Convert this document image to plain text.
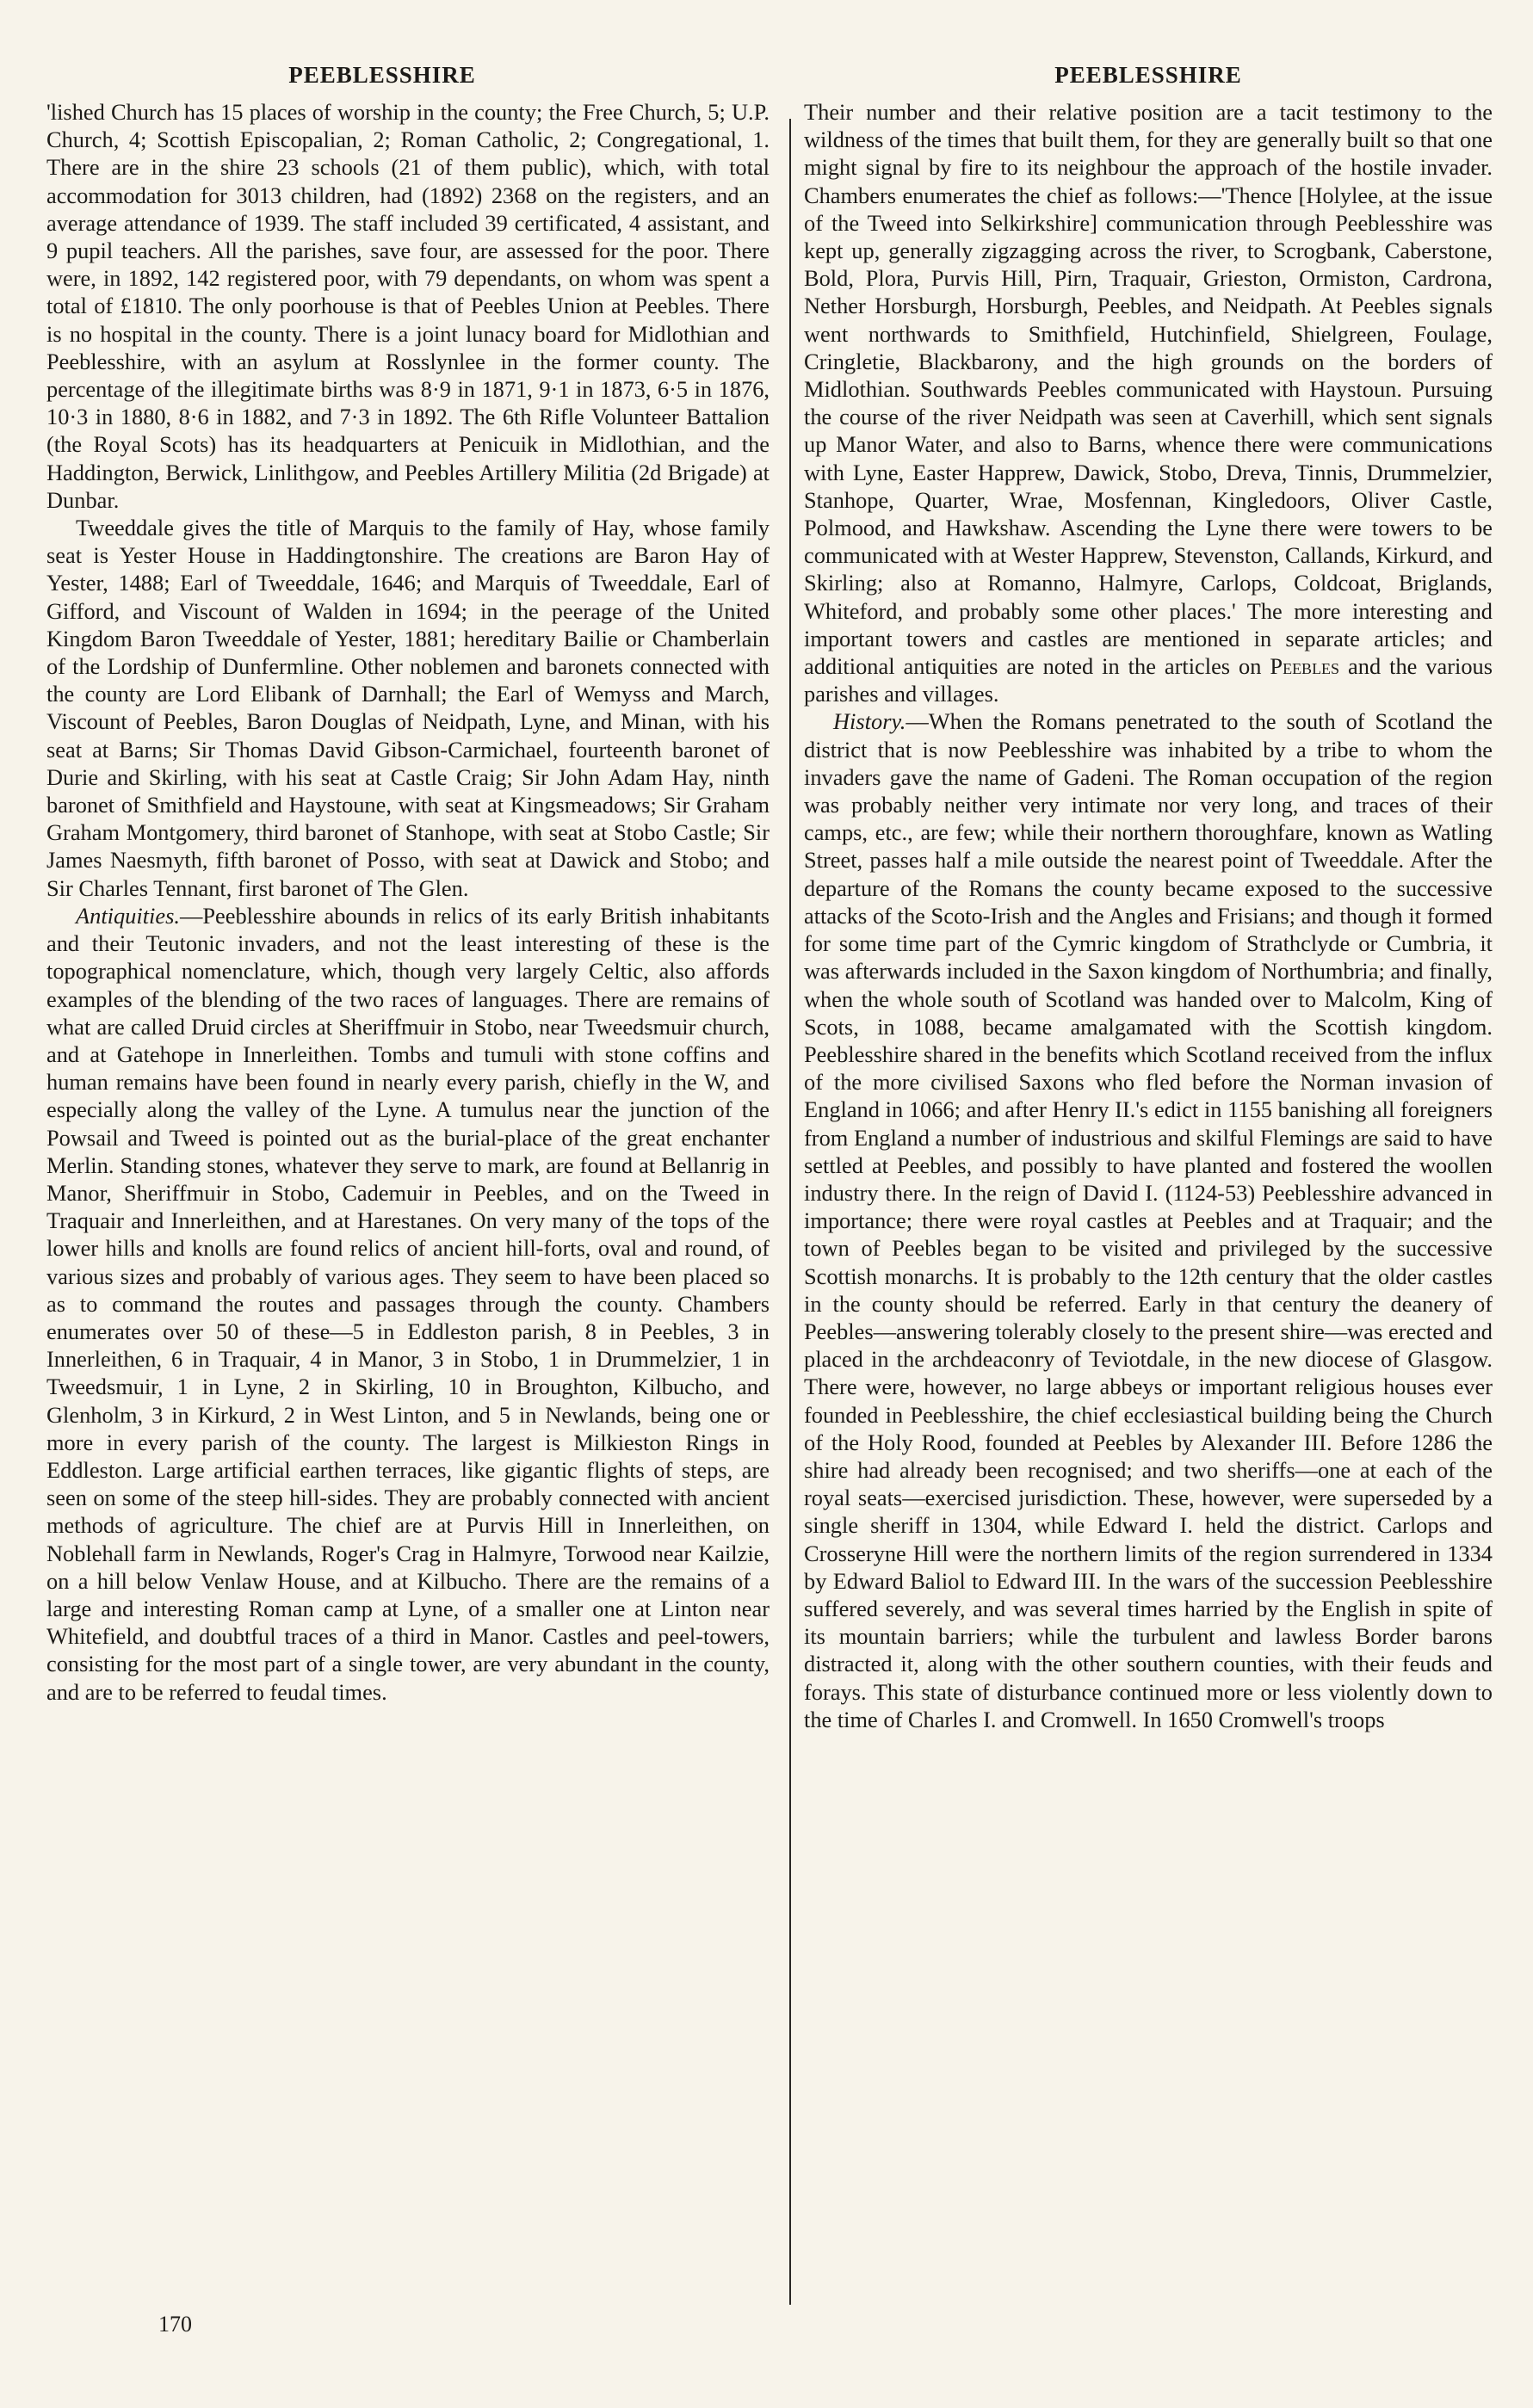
PEEBLESSHIRE

'lished Church has 15 places of worship in the county; the Free Church, 5; U.P. Church, 4; Scottish Episcopalian, 2; Roman Catholic, 2; Congregational, 1. There are in the shire 23 schools (21 of them public), which, with total accommodation for 3013 children, had (1892) 2368 on the registers, and an average attendance of 1939. The staff included 39 certificated, 4 assistant, and 9 pupil teachers. All the parishes, save four, are assessed for the poor. There were, in 1892, 142 registered poor, with 79 dependants, on whom was spent a total of £1810. The only poorhouse is that of Peebles Union at Peebles. There is no hospital in the county. There is a joint lunacy board for Midlothian and Peeblesshire, with an asylum at Rosslynlee in the former county. The percentage of the illegitimate births was 8·9 in 1871, 9·1 in 1873, 6·5 in 1876, 10·3 in 1880, 8·6 in 1882, and 7·3 in 1892. The 6th Rifle Volunteer Battalion (the Royal Scots) has its headquarters at Penicuik in Midlothian, and the Haddington, Berwick, Linlithgow, and Peebles Artillery Militia (2d Brigade) at Dunbar.

Tweeddale gives the title of Marquis to the family of Hay, whose family seat is Yester House in Haddingtonshire. The creations are Baron Hay of Yester, 1488; Earl of Tweeddale, 1646; and Marquis of Tweeddale, Earl of Gifford, and Viscount of Walden in 1694; in the peerage of the United Kingdom Baron Tweeddale of Yester, 1881; hereditary Bailie or Chamberlain of the Lordship of Dunfermline. Other noblemen and baronets connected with the county are Lord Elibank of Darnhall; the Earl of Wemyss and March, Viscount of Peebles, Baron Douglas of Neidpath, Lyne, and Minan, with his seat at Barns; Sir Thomas David Gibson-Carmichael, fourteenth baronet of Durie and Skirling, with his seat at Castle Craig; Sir John Adam Hay, ninth baronet of Smithfield and Haystoune, with seat at Kingsmeadows; Sir Graham Graham Montgomery, third baronet of Stanhope, with seat at Stobo Castle; Sir James Naesmyth, fifth baronet of Posso, with seat at Dawick and Stobo; and Sir Charles Tennant, first baronet of The Glen.

Antiquities.—Peeblesshire abounds in relics of its early British inhabitants and their Teutonic invaders, and not the least interesting of these is the topographical nomenclature, which, though very largely Celtic, also affords examples of the blending of the two races of languages. There are remains of what are called Druid circles at Sheriffmuir in Stobo, near Tweedsmuir church, and at Gatehope in Innerleithen. Tombs and tumuli with stone coffins and human remains have been found in nearly every parish, chiefly in the W, and especially along the valley of the Lyne. A tumulus near the junction of the Powsail and Tweed is pointed out as the burial-place of the great enchanter Merlin. Standing stones, whatever they serve to mark, are found at Bellanrig in Manor, Sheriffmuir in Stobo, Cademuir in Peebles, and on the Tweed in Traquair and Innerleithen, and at Harestanes. On very many of the tops of the lower hills and knolls are found relics of ancient hill-forts, oval and round, of various sizes and probably of various ages. They seem to have been placed so as to command the routes and passages through the county. Chambers enumerates over 50 of these—5 in Eddleston parish, 8 in Peebles, 3 in Innerleithen, 6 in Traquair, 4 in Manor, 3 in Stobo, 1 in Drummelzier, 1 in Tweedsmuir, 1 in Lyne, 2 in Skirling, 10 in Broughton, Kilbucho, and Glenholm, 3 in Kirkurd, 2 in West Linton, and 5 in Newlands, being one or more in every parish of the county. The largest is Milkieston Rings in Eddleston. Large artificial earthen terraces, like gigantic flights of steps, are seen on some of the steep hill-sides. They are probably connected with ancient methods of agriculture. The chief are at Purvis Hill in Innerleithen, on Noblehall farm in Newlands, Roger's Crag in Halmyre, Torwood near Kailzie, on a hill below Venlaw House, and at Kilbucho. There are the remains of a large and interesting Roman camp at Lyne, of a smaller one at Linton near Whitefield, and doubtful traces of a third in Manor. Castles and peel-towers, consisting for the most part of a single tower, are very abundant in the county, and are to be referred to feudal times.

PEEBLESSHIRE

Their number and their relative position are a tacit testimony to the wildness of the times that built them, for they are generally built so that one might signal by fire to its neighbour the approach of the hostile invader. Chambers enumerates the chief as follows:—'Thence [Holylee, at the issue of the Tweed into Selkirkshire] communication through Peeblesshire was kept up, generally zigzagging across the river, to Scrogbank, Caberstone, Bold, Plora, Purvis Hill, Pirn, Traquair, Grieston, Ormiston, Cardrona, Nether Horsburgh, Horsburgh, Peebles, and Neidpath. At Peebles signals went northwards to Smithfield, Hutchinfield, Shielgreen, Foulage, Cringletie, Blackbarony, and the high grounds on the borders of Midlothian. Southwards Peebles communicated with Haystoun. Pursuing the course of the river Neidpath was seen at Caverhill, which sent signals up Manor Water, and also to Barns, whence there were communications with Lyne, Easter Happrew, Dawick, Stobo, Dreva, Tinnis, Drummelzier, Stanhope, Quarter, Wrae, Mosfennan, Kingledoors, Oliver Castle, Polmood, and Hawkshaw. Ascending the Lyne there were towers to be communicated with at Wester Happrew, Stevenston, Callands, Kirkurd, and Skirling; also at Romanno, Halmyre, Carlops, Coldcoat, Briglands, Whiteford, and probably some other places.' The more interesting and important towers and castles are mentioned in separate articles; and additional antiquities are noted in the articles on Peebles and the various parishes and villages.

History.—When the Romans penetrated to the south of Scotland the district that is now Peeblesshire was inhabited by a tribe to whom the invaders gave the name of Gadeni. The Roman occupation of the region was probably neither very intimate nor very long, and traces of their camps, etc., are few; while their northern thoroughfare, known as Watling Street, passes half a mile outside the nearest point of Tweeddale. After the departure of the Romans the county became exposed to the successive attacks of the Scoto-Irish and the Angles and Frisians; and though it formed for some time part of the Cymric kingdom of Strathclyde or Cumbria, it was afterwards included in the Saxon kingdom of Northumbria; and finally, when the whole south of Scotland was handed over to Malcolm, King of Scots, in 1088, became amalgamated with the Scottish kingdom. Peeblesshire shared in the benefits which Scotland received from the influx of the more civilised Saxons who fled before the Norman invasion of England in 1066; and after Henry II.'s edict in 1155 banishing all foreigners from England a number of industrious and skilful Flemings are said to have settled at Peebles, and possibly to have planted and fostered the woollen industry there. In the reign of David I. (1124-53) Peeblesshire advanced in importance; there were royal castles at Peebles and at Traquair; and the town of Peebles began to be visited and privileged by the successive Scottish monarchs. It is probably to the 12th century that the older castles in the county should be referred. Early in that century the deanery of Peebles—answering tolerably closely to the present shire—was erected and placed in the archdeaconry of Teviotdale, in the new diocese of Glasgow. There were, however, no large abbeys or important religious houses ever founded in Peeblesshire, the chief ecclesiastical building being the Church of the Holy Rood, founded at Peebles by Alexander III. Before 1286 the shire had already been recognised; and two sheriffs—one at each of the royal seats—exercised jurisdiction. These, however, were superseded by a single sheriff in 1304, while Edward I. held the district. Carlops and Crosseryne Hill were the northern limits of the region surrendered in 1334 by Edward Baliol to Edward III. In the wars of the succession Peeblesshire suffered severely, and was several times harried by the English in spite of its mountain barriers; while the turbulent and lawless Border barons distracted it, along with the other southern counties, with their feuds and forays. This state of disturbance continued more or less violently down to the time of Charles I. and Cromwell. In 1650 Cromwell's troops

170
